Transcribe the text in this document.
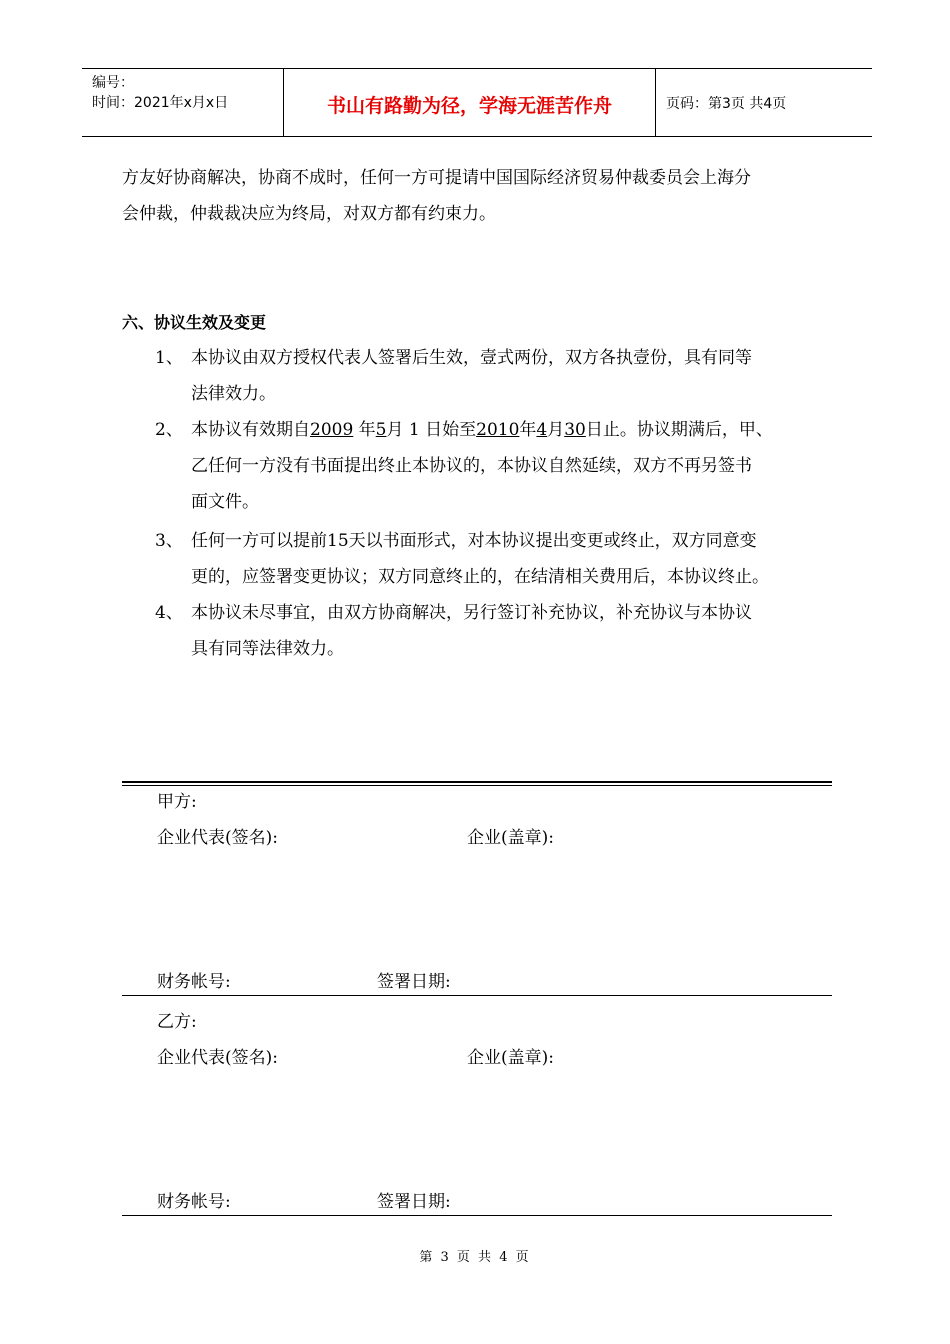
编号：
时间：2021年x月x日	书山有路勤为径，学海无涯苦作舟	页码：第3页 共4页

方友好协商解决，协商不成时，任何一方可提请中国国际经济贸易仲裁委员会上海分
会仲裁，仲裁裁决应为终局，对双方都有约束力。

六、协议生效及变更
1、 本协议由双方授权代表人签署后生效，壹式两份，双方各执壹份，具有同等
法律效力。
2、 本协议有效期自2009 年5月 1 日始至2010年4月30日止。协议期满后，甲、
乙任何一方没有书面提出终止本协议的，本协议自然延续，双方不再另签书
面文件。
3、 任何一方可以提前15天以书面形式，对本协议提出变更或终止，双方同意变
更的，应签署变更协议；双方同意终止的，在结清相关费用后，本协议终止。
4、 本协议未尽事宜，由双方协商解决，另行签订补充协议，补充协议与本协议
具有同等法律效力。
甲方:
企业代表(签名):	企业(盖章):
财务帐号:	签署日期:
乙方:
企业代表(签名):	企业(盖章):
财务帐号:	签署日期:
第 3 页 共 4 页
